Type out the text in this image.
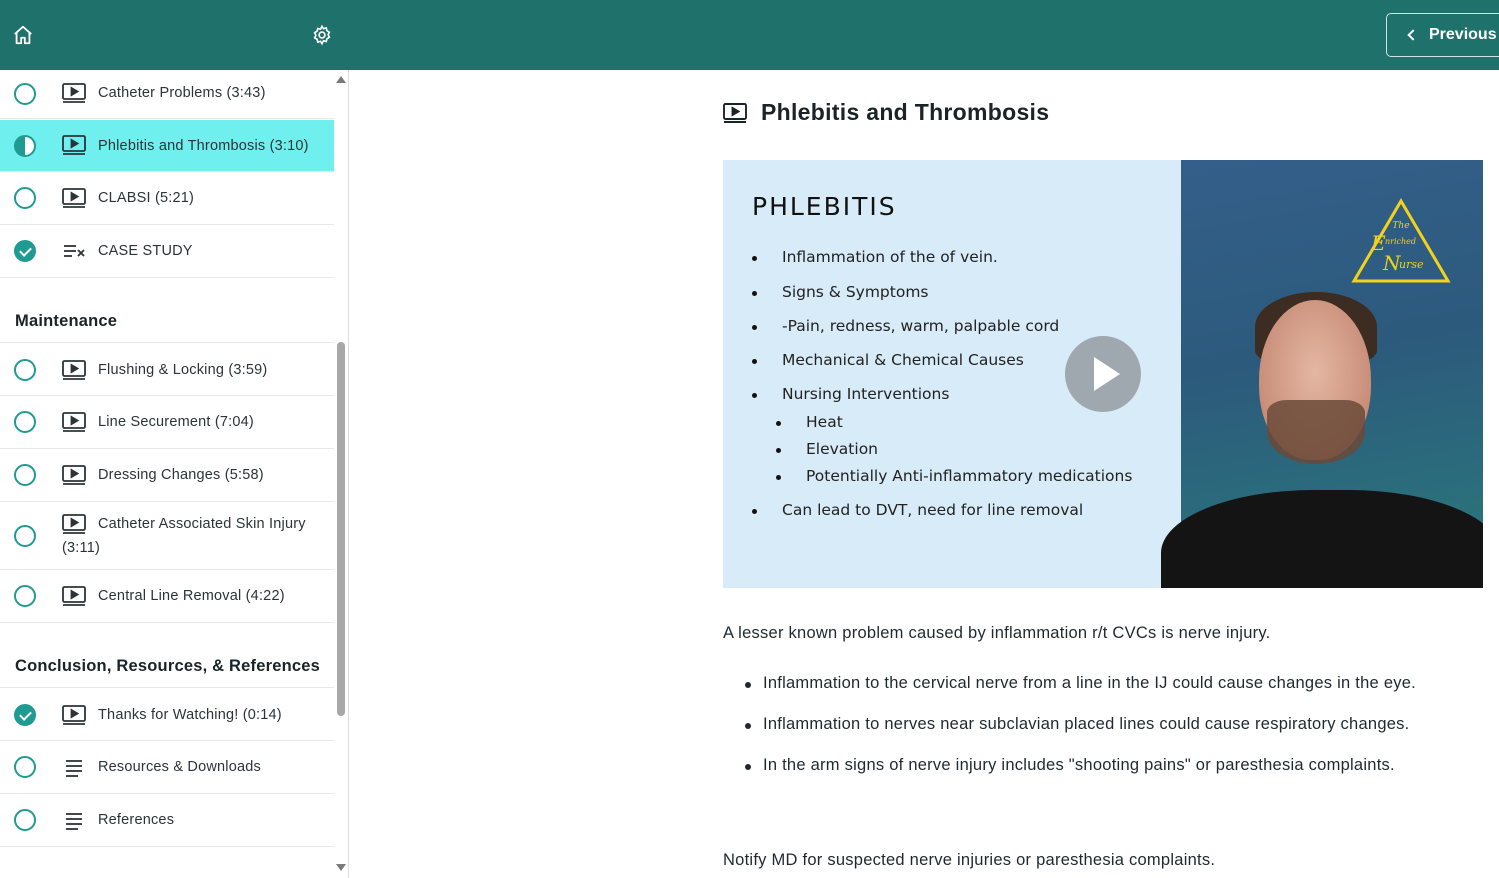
Catheter Problems (3:43)
Phlebitis and Thrombosis (3:10)
CLABSI (5:21)
CASE STUDY
Maintenance
Flushing & Locking (3:59)
Line Securement (7:04)
Dressing Changes (5:58)
Catheter Associated Skin Injury (3:11)
Central Line Removal (4:22)
Conclusion, Resources, & References
Thanks for Watching! (0:14)
Resources & Downloads
References
Previous
Phlebitis and Thrombosis
PHLEBITIS
Inflammation of the of vein.
Signs & Symptoms
-Pain, redness, warm, palpable cord
Mechanical & Chemical Causes
Nursing Interventions
Heat
Elevation
Potentially Anti-inflammatory medications
Can lead to DVT, need for line removal
The
E nriched
N
urse

A lesser known problem caused by inflammation r/t CVCs is nerve injury.

Inflammation to the cervical nerve from a line in the IJ could cause changes in the eye.

Inflammation to nerves near subclavian placed lines could cause respiratory changes.

In the arm signs of nerve injury includes "shooting pains" or paresthesia complaints.

Notify MD for suspected nerve injuries or paresthesia complaints.
